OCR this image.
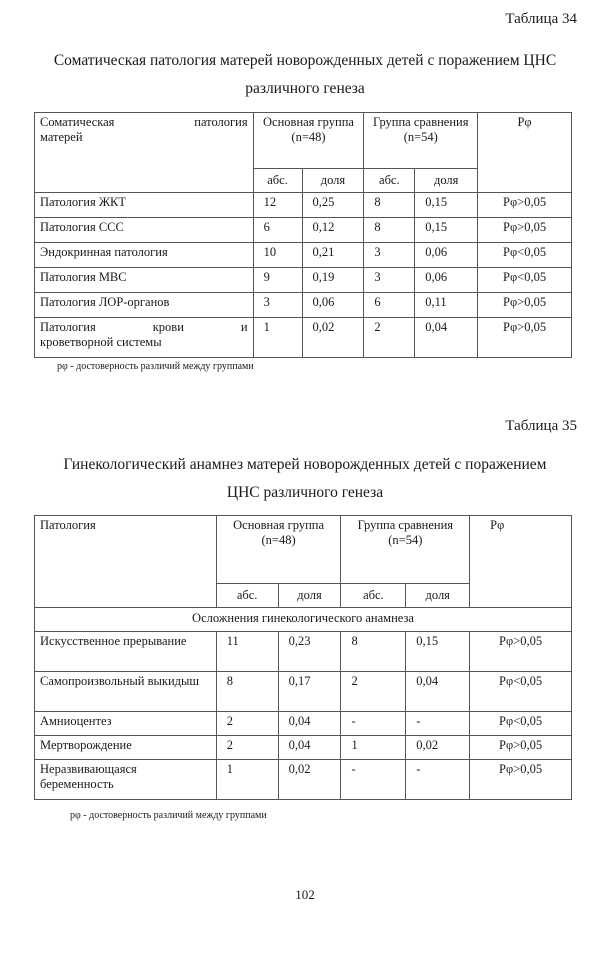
Таблица 34
Соматическая патология матерей новорожденных детей с поражением ЦНС
различного генеза
Соматическая патология
матерей	Основная группа (n=48)		Группа сравнения (n=54)		Pφ
	абс.	доля	абс.	доля	
Патология ЖКТ	12	0,25	8	0,15	Pφ>0,05
Патология ССС	6	0,12	8	0,15	Pφ>0,05
Эндокринная патология	10	0,21	3	0,06	Pφ<0,05
Патология МВС	9	0,19	3	0,06	Pφ<0,05
Патология ЛОР-органов	3	0,06	6	0,11	Pφ>0,05

Патология крови и
кроветворной системы	1	0,02	2	0,04	Pφ>0,05
pφ - достоверность различий между группами
Таблица 35
Гинекологический анамнез матерей новорожденных детей с поражением
ЦНС различного генеза
Патология	Основная группа (n=48)		Группа сравнения (n=54)		Pφ
	абс.	доля	абс.	доля	
Осложнения гинекологического анамнеза					
Искусственное прерывание	11	0,23	8	0,15	Pφ>0,05
Самопроизвольный выкидыш	8	0,17	2	0,04	Pφ<0,05
Амниоцентез	2	0,04	-	-	Pφ<0,05
Мертворождение	2	0,04	1	0,02	Pφ>0,05
Неразвивающаяся беременность	1	0,02	-	-	Pφ>0,05
pφ - достоверность различий между группами
102
